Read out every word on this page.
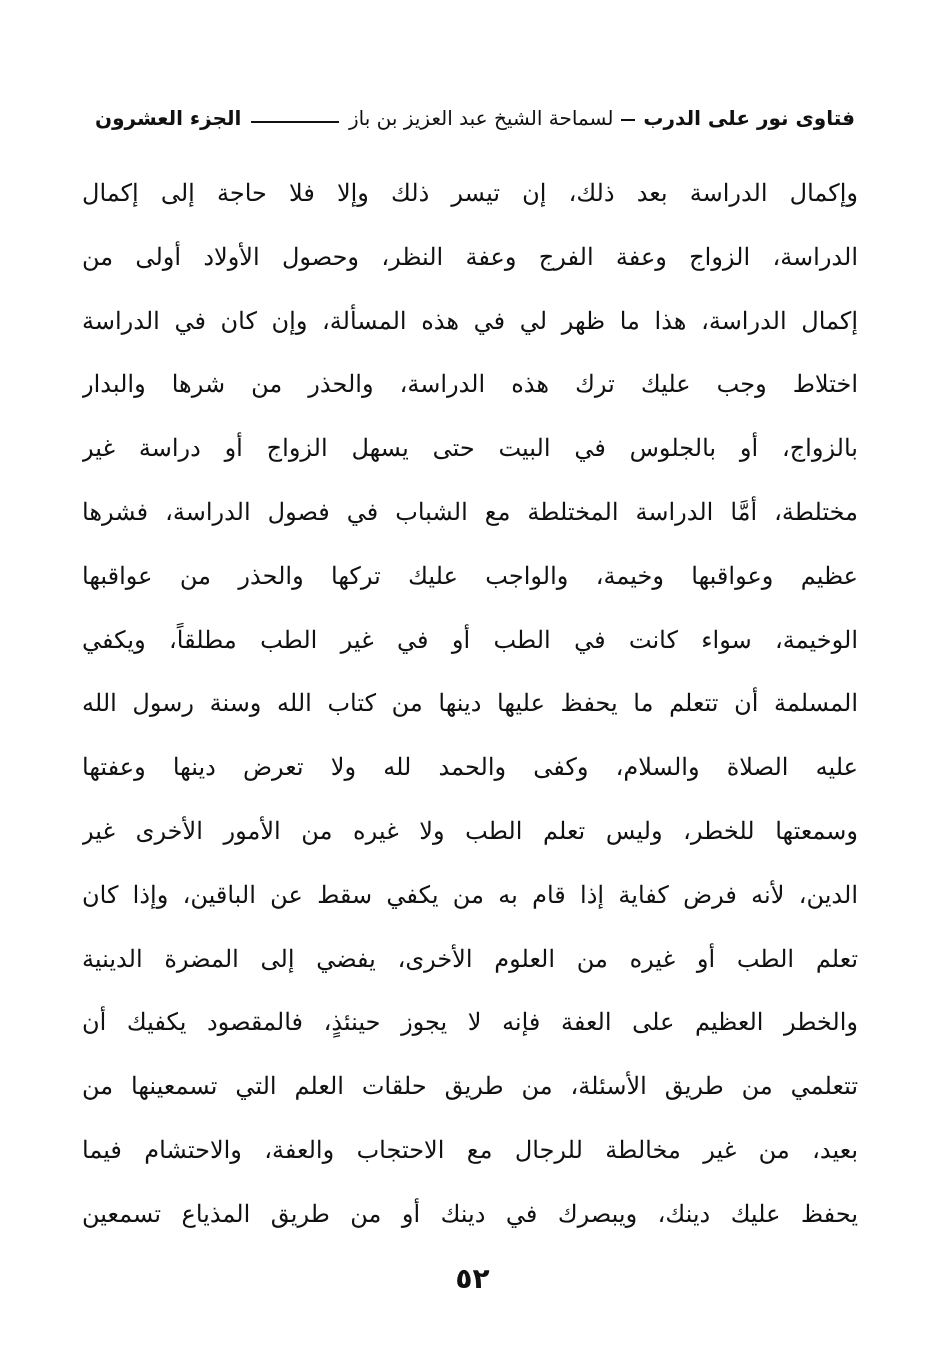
فتاوى نور على الدرب
لسماحة الشيخ عبد العزيز بن باز
الجزء العشرون
وإكمال الدراسة بعد ذلك، إن تيسر ذلك وإلا فلا حاجة إلى إكمال
الدراسة، الزواج وعفة الفرج وعفة النظر، وحصول الأولاد أولى من
إكمال الدراسة، هذا ما ظهر لي في هذه المسألة، وإن كان في الدراسة
اختلاط وجب عليك ترك هذه الدراسة، والحذر من شرها والبدار
بالزواج، أو بالجلوس في البيت حتى يسهل الزواج أو دراسة غير
مختلطة، أمَّا الدراسة المختلطة مع الشباب في فصول الدراسة، فشرها
عظيم وعواقبها وخيمة، والواجب عليك تركها والحذر من عواقبها
الوخيمة، سواء كانت في الطب أو في غير الطب مطلقاً، ويكفي
المسلمة أن تتعلم ما يحفظ عليها دينها من كتاب الله وسنة رسول الله
عليه الصلاة والسلام، وكفى والحمد لله ولا تعرض دينها وعفتها
وسمعتها للخطر، وليس تعلم الطب ولا غيره من الأمور الأخرى غير
الدين، لأنه فرض كفاية إذا قام به من يكفي سقط عن الباقين، وإذا كان
تعلم الطب أو غيره من العلوم الأخرى، يفضي إلى المضرة الدينية
والخطر العظيم على العفة فإنه لا يجوز حينئذٍ، فالمقصود يكفيك أن
تتعلمي من طريق الأسئلة، من طريق حلقات العلم التي تسمعينها من
بعيد، من غير مخالطة للرجال مع الاحتجاب والعفة، والاحتشام فيما
يحفظ عليك دينك، ويبصرك في دينك أو من طريق المذياع تسمعين
٥٢
